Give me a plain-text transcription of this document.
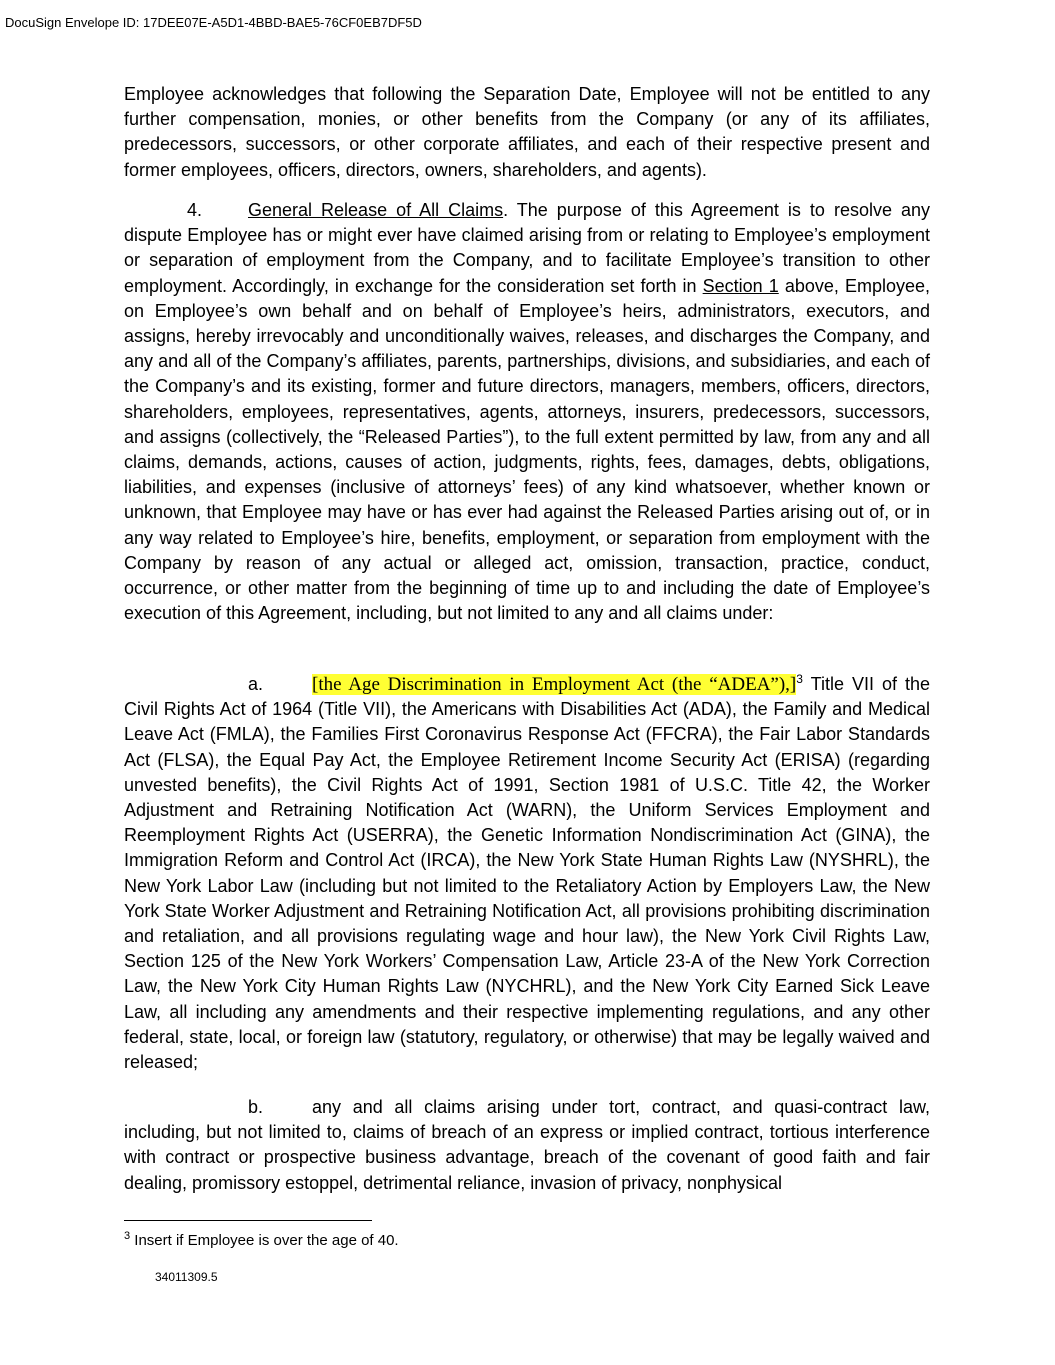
DocuSign Envelope ID: 17DEE07E-A5D1-4BBD-BAE5-76CF0EB7DF5D

Employee acknowledges that following the Separation Date, Employee will not be entitled to any further compensation, monies, or other benefits from the Company (or any of its affiliates, predecessors, successors, or other corporate affiliates, and each of their respective present and former employees, officers, directors, owners, shareholders, and agents).

4.	General Release of All Claims. The purpose of this Agreement is to resolve any dispute Employee has or might ever have claimed arising from or relating to Employee’s employment or separation of employment from the Company, and to facilitate Employee’s transition to other employment. Accordingly, in exchange for the consideration set forth in Section 1 above, Employee, on Employee’s own behalf and on behalf of Employee’s heirs, administrators, executors, and assigns, hereby irrevocably and unconditionally waives, releases, and discharges the Company, and any and all of the Company’s affiliates, parents, partnerships, divisions, and subsidiaries, and each of the Company’s and its existing, former and future directors, managers, members, officers, directors, shareholders, employees, representatives, agents, attorneys, insurers, predecessors, successors, and assigns (collectively, the “Released Parties”), to the full extent permitted by law, from any and all claims, demands, actions, causes of action, judgments, rights, fees, damages, debts, obligations, liabilities, and expenses (inclusive of attorneys’ fees) of any kind whatsoever, whether known or unknown, that Employee may have or has ever had against the Released Parties arising out of, or in any way related to Employee’s hire, benefits, employment, or separation from employment with the Company by reason of any actual or alleged act, omission, transaction, practice, conduct, occurrence, or other matter from the beginning of time up to and including the date of Employee’s execution of this Agreement, including, but not limited to any and all claims under:

a.	[the Age Discrimination in Employment Act (the “ADEA”),]$^3$ Title VII of the Civil Rights Act of 1964 (Title VII), the Americans with Disabilities Act (ADA), the Family and Medical Leave Act (FMLA), the Families First Coronavirus Response Act (FFCRA), the Fair Labor Standards Act (FLSA), the Equal Pay Act, the Employee Retirement Income Security Act (ERISA) (regarding unvested benefits), the Civil Rights Act of 1991, Section 1981 of U.S.C. Title 42, the Worker Adjustment and Retraining Notification Act (WARN), the Uniform Services Employment and Reemployment Rights Act (USERRA), the Genetic Information Nondiscrimination Act (GINA), the Immigration Reform and Control Act (IRCA), the New York State Human Rights Law (NYSHRL), the New York Labor Law (including but not limited to the Retaliatory Action by Employers Law, the New York State Worker Adjustment and Retraining Notification Act, all provisions prohibiting discrimination and retaliation, and all provisions regulating wage and hour law), the New York Civil Rights Law, Section 125 of the New York Workers’ Compensation Law, Article 23-A of the New York Correction Law, the New York City Human Rights Law (NYCHRL), and the New York City Earned Sick Leave Law, all including any amendments and their respective implementing regulations, and any other federal, state, local, or foreign law (statutory, regulatory, or otherwise) that may be legally waived and released;

b.	any and all claims arising under tort, contract, and quasi-contract law, including, but not limited to, claims of breach of an express or implied contract, tortious interference with contract or prospective business advantage, breach of the covenant of good faith and fair dealing, promissory estoppel, detrimental reliance, invasion of privacy, nonphysical

$^3$ Insert if Employee is over the age of 40.
34011309.5
